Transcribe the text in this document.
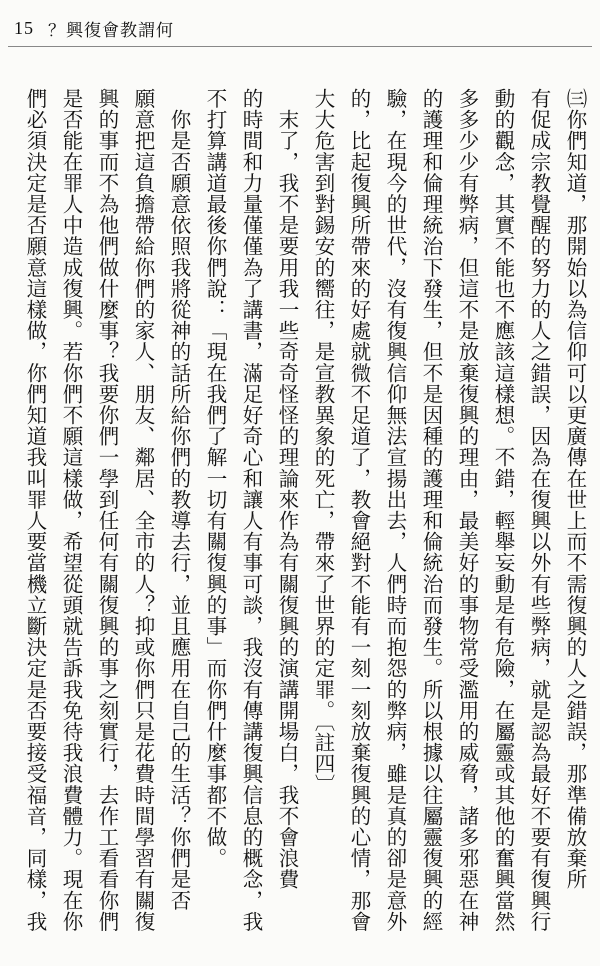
15 ？興復會教謂何
㈢你們知道，那開始以為信仰可以更廣傳在世上而不需復興的人之錯誤，那準備放棄所
有促成宗教覺醒的努力的人之錯誤，因為在復興以外有些弊病，就是認為最好不要有復興行
動的觀念，其實不能也不應該這樣想。不錯，輕舉妄動是有危險，在屬靈或其他的奮興當然
多多少少有弊病，但這不是放棄復興的理由，最美好的事物常受濫用的威脅，諸多邪惡在神
的護理和倫理統治下發生，但不是因種的護理和倫統治而發生。所以根據以往屬靈復興的經
驗，在現今的世代，沒有復興信仰無法宣揚出去，人們時而抱怨的弊病，雖是真的卻是意外
的，比起復興所帶來的好處就微不足道了，教會絕對不能有一刻一刻放棄復興的心情，那會
大大危害到對錫安的嚮往，是宣教異象的死亡，帶來了世界的定罪。〔註四〕
　末了，我不是要用我一些奇奇怪怪的理論來作為有關復興的演講開場白，我不會浪費
的時間和力量僅僅為了講書，滿足好奇心和讓人有事可談，我沒有傳講復興信息的概念，我
不打算講道最後你們說：「現在我們了解一切有關復興的事」而你們什麼事都不做。
　你是否願意依照我將從神的話所給你們的教導去行，並且應用在自己的生活？你們是否
願意把這負擔帶給你們的家人、朋友、鄰居、全市的人？抑或你們只是花費時間學習有關復
興的事而不為他們做什麼事？我要你們一學到任何有關復興的事之刻實行，去作工看看你們
是否能在罪人中造成復興。若你們不願這樣做，希望從頭就告訴我免待我浪費體力。現在你
們必須決定是否願意這樣做，你們知道我叫罪人要當機立斷決定是否要接受福音，同樣，我
